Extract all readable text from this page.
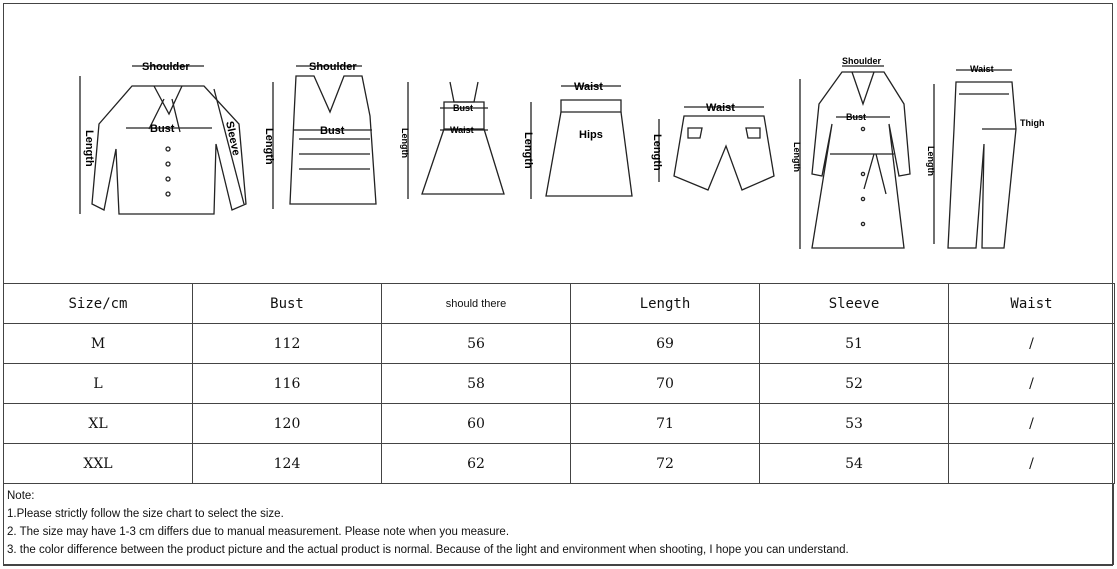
Shoulder
Bust	Sleeve
Length
Shoulder
Bust
Length
Bust
Waist
Length
Waist
Hips
Length
Waist
Length
Shoulder
Bust
Length
Waist
Thigh
Length
Size/cm	Bust	should there	Length	Sleeve	Waist
M	112	56	69	51	/
L	116	58	70	52	/
XL	120	60	71	53	/
XXL	124	62	72	54	/
Note:
1.Please strictly follow the size chart to select the size.
2. The size may have 1-3 cm differs due to manual measurement. Please note when you measure.
3. the color difference between the product picture and the actual product is normal. Because of the light and environment when shooting, I hope you can understand.
